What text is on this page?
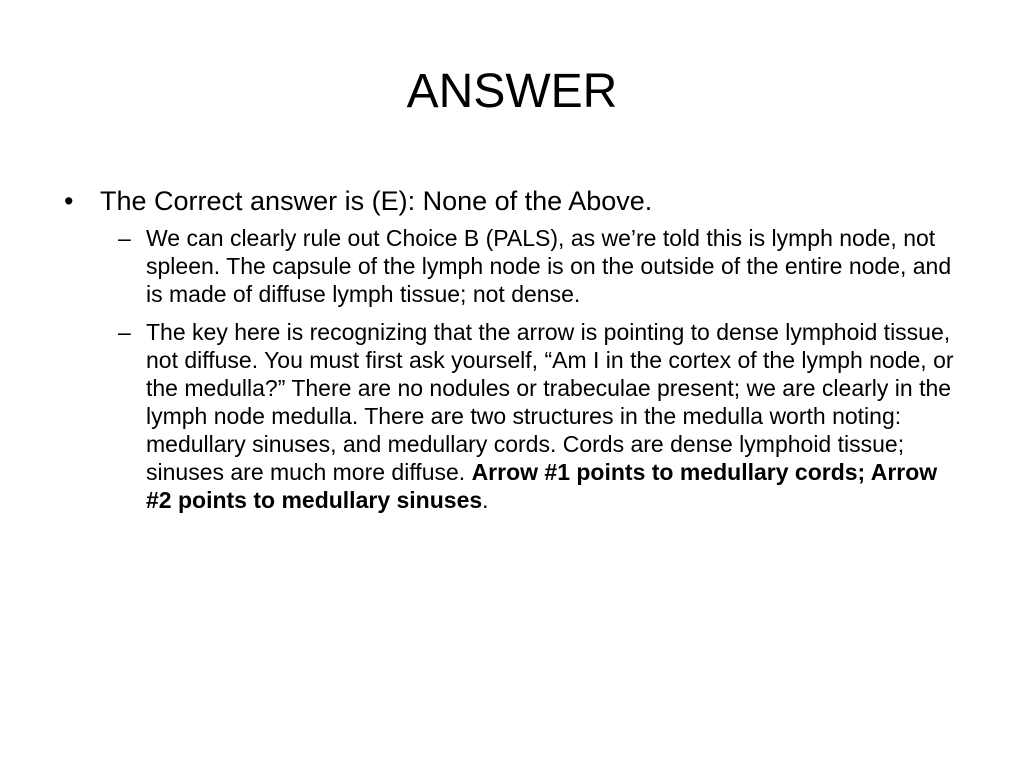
ANSWER
• The Correct answer is (E): None of the Above.
– We can clearly rule out Choice B (PALS), as we’re told this is lymph node, not spleen. The capsule of the lymph node is on the outside of the entire node, and is made of diffuse lymph tissue; not dense.
– The key here is recognizing that the arrow is pointing to dense lymphoid tissue, not diffuse. You must first ask yourself, “Am I in the cortex of the lymph node, or the medulla?” There are no nodules or trabeculae present; we are clearly in the lymph node medulla. There are two structures in the medulla worth noting: medullary sinuses, and medullary cords. Cords are dense lymphoid tissue; sinuses are much more diffuse. Arrow #1 points to medullary cords; Arrow #2 points to medullary sinuses.
